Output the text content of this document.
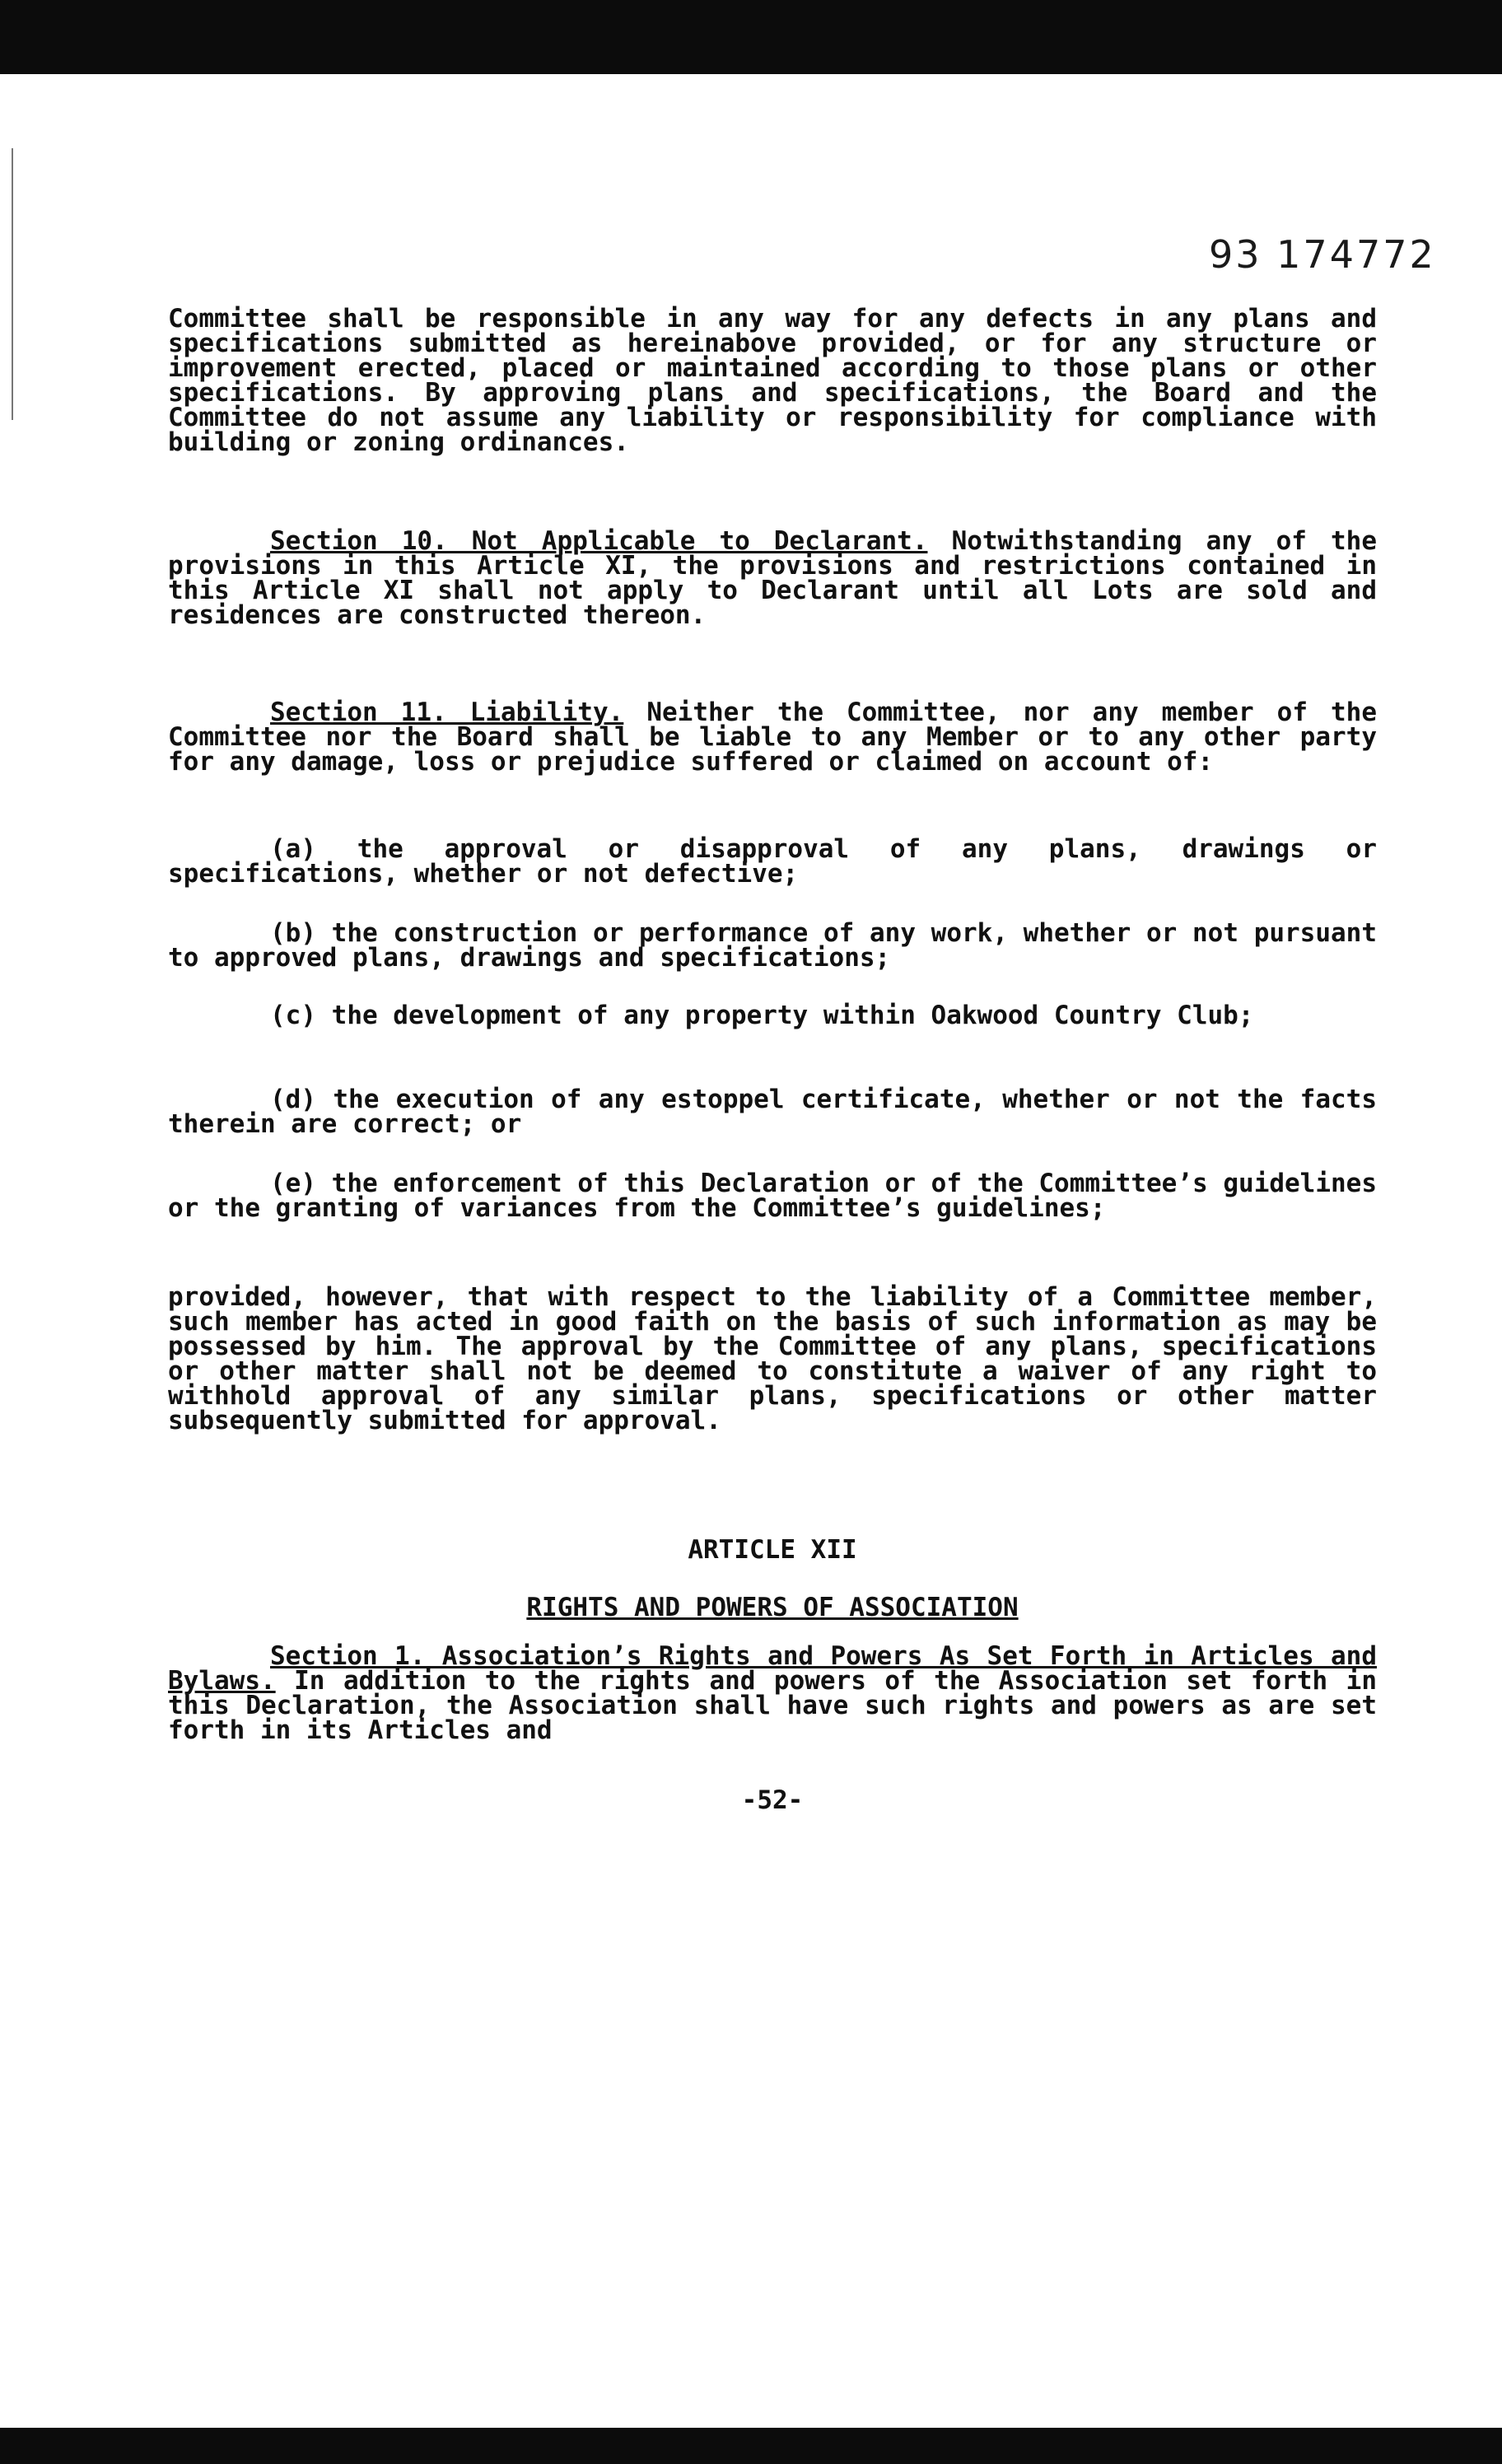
93 174772

Committee shall be responsible in any way for any defects in any plans and specifications submitted as hereinabove provided, or for any structure or improvement erected, placed or maintained according to those plans or other specifications. By approving plans and specifications, the Board and the Committee do not assume any liability or responsibility for compliance with building or zoning ordinances.

Section 10. Not Applicable to Declarant. Notwithstanding any of the provisions in this Article XI, the provisions and restrictions contained in this Article XI shall not apply to Declarant until all Lots are sold and residences are constructed thereon.

Section 11. Liability. Neither the Committee, nor any member of the Committee nor the Board shall be liable to any Member or to any other party for any damage, loss or prejudice suffered or claimed on account of:

(a) the approval or disapproval of any plans, drawings or specifications, whether or not defective;

(b) the construction or performance of any work, whether or not pursuant to approved plans, drawings and specifications;

(c) the development of any property within Oakwood Country Club;

(d) the execution of any estoppel certificate, whether or not the facts therein are correct; or

(e) the enforcement of this Declaration or of the Committee’s guidelines or the granting of variances from the Committee’s guidelines;

provided, however, that with respect to the liability of a Committee member, such member has acted in good faith on the basis of such information as may be possessed by him. The approval by the Committee of any plans, specifications or other matter shall not be deemed to constitute a waiver of any right to withhold approval of any similar plans, specifications or other matter subsequently submitted for approval.

ARTICLE XII
RIGHTS AND POWERS OF ASSOCIATION

Section 1. Association’s Rights and Powers As Set Forth in Articles and Bylaws. In addition to the rights and powers of the Association set forth in this Declaration, the Association shall have such rights and powers as are set forth in its Articles and

-52-
